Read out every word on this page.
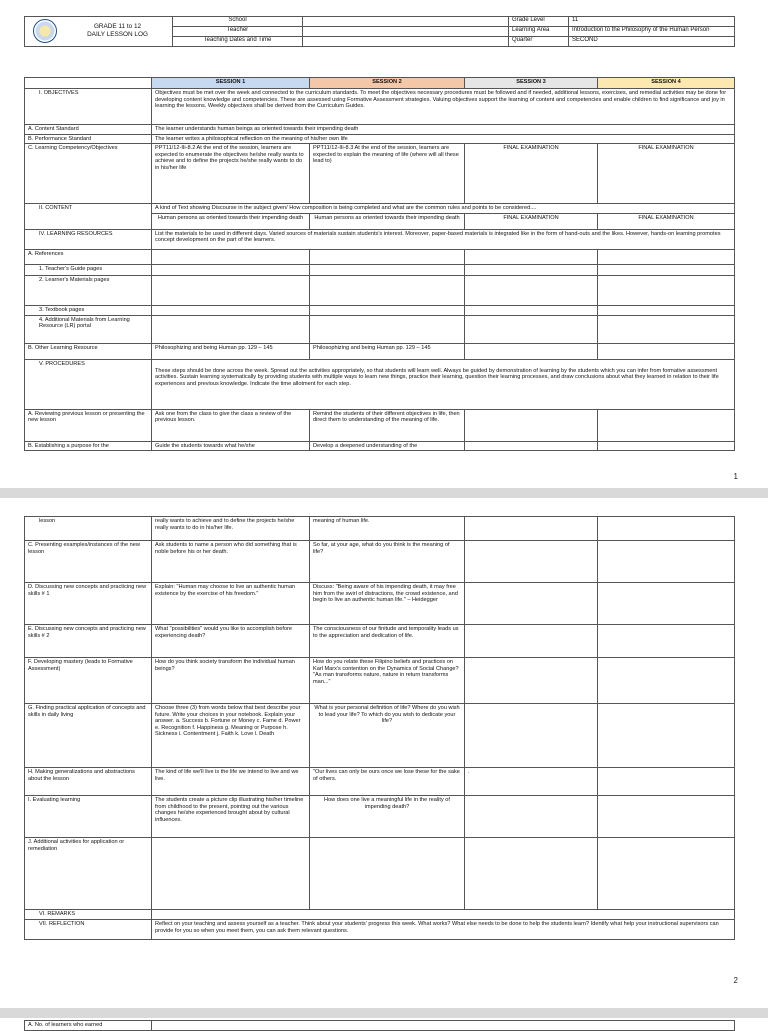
GRADE 11 to 12
DAILY LESSON LOG	School		Grade Level	11
	Teacher		Learning Area	Introduction to the Philosophy of the Human Person
	Teaching Dates and Time		Quarter	SECOND
	SESSION 1	SESSION 2	SESSION 3	SESSION 4
I. OBJECTIVES	Objectives must be met over the week and connected to the curriculum standards. To meet the objectives necessary procedures must be followed and if needed, additional lessons, exercises, and remedial activities may be done for developing content knowledge and competencies. These are assessed using Formative Assessment strategies. Valuing objectives support the learning of content and competencies and enable children to find significance and joy in learning the lessons. Weekly objectives shall be derived from the Curriculum Guides.			
A. Content Standard	The learner understands human beings as oriented towards their impending death			
B. Performance Standard	The learner writes a philosophical reflection on the meaning of his/her own life			
C. Learning Competency/Objectives	PPT11/12-IIi-8.2 At the end of the session, learners are expected to enumerate the objectives he/she really wants to achieve and to define the projects he/she really wants to do in his/her life	PPT11/12-IIi-8.3 At the end of the session, learners are expected to explain the meaning of life (where will all these lead to)	FINAL EXAMINATION	FINAL EXAMINATION
II. CONTENT	A kind of Text showing Discourse in the subject given/ How composition is being completed and what are the common rules and points to be considered....			
	Human persons as oriented towards their impending death	Human persons as oriented towards their impending death	FINAL EXAMINATION	FINAL EXAMINATION
IV. LEARNING RESOURCES	List the materials to be used in different days. Varied sources of materials sustain students's interest. Moreover, paper-based materials is integrated like in the form of hand-outs and the likes. However, hands-on learning promotes concept development on the part of the learners.			
A. References				
1. Teacher's Guide pages				
2. Learner's Materials pages				
3. Textbook pages				
4. Additional Materials from Learning Resource (LR) portal				
B. Other Learning Resource	Philosophizing and being Human pp. 129 – 145	Philosophizing and being Human pp. 129 – 145		
V. PROCEDURES	These steps should be done across the week. Spread out the activities appropriately, so that students will learn well. Always be guided by demonstration of learning by the students which you can infer from formative assessment activities. Sustain learning systematically by providing students with multiple ways to learn new things, practice their learning, question their learning processes, and draw conclusions about what they learned in relation to their life experiences and previous knowledge. Indicate the time allotment for each step.			
A. Reviewing previous lesson or presenting the new lesson	Ask one from the class to give the class a review of the previous lesson.	Remind the students of their different objectives in life, then direct them to understanding of the meaning of life.		
B. Establishing a purpose for the	Guide the students towards what he/she	Develop a deepened understanding of the		
1
lesson	really wants to achieve and to define the projects he/she really wants to do in his/her life.	meaning of human life.		
C. Presenting examples/instances of the new lesson	Ask students to name a person who did something that is noble before his or her death.	So far, at your age, what do you think is the meaning of life?		
D. Discussing new concepts and practicing new skills # 1	Explain: "Human may choose to live an authentic human existence by the exercise of his freedom."	Discuss: "Being aware of his impending death, it may free him from the swirl of distractions, the crowd existence, and begin to live an authentic human life." – Heidegger		
E. Discussing new concepts and practicing new skills # 2	What "possibilities" would you like to accomplish before experiencing death?	The consciousness of our finitude and temporality leads us to the appreciation and dedication of life.		
F. Developing mastery (leads to Formative Assessment)	How do you think society transform the individual human beings?	How do you relate these Filipino beliefs and practices on Karl Marx's contention on the Dynamics of Social Change? "As man transforms nature, nature in return transforms man..."		
G. Finding practical application of concepts and skills in daily living	Choose three (3) from words below that best describe your future. Write your choices in your notebook. Explain your answer. a. Success b. Fortune or Money c. Fame d. Power e. Recognition f. Happiness g. Meaning or Purpose h. Sickness i. Contentment j. Faith k. Love l. Death	What is your personal definition of life? Where do you wish to lead your life? To which do you wish to dedicate your life?		
H. Making generalizations and abstractions about the lesson	The kind of life we'll live is the life we intend to live and we live.	"Our lives can only be ours once we lose these for the sake of others.	.	
I. Evaluating learning	The students create a picture clip illustrating his/her timeline from childhood to the present, pointing out the various changes he/she experienced brought about by cultural influences.	How does one live a meaningful life in the reality of impending death?		
J. Additional activities for application or remediation				
VI. REMARKS				
VII. REFLECTION	Reflect on your teaching and assess yourself as a teacher. Think about your students' progress this week. What works? What else needs to be done to help the students learn? Identify what help your instructional supervisors can provide for you so when you meet them, you can ask them relevant questions.			
2
A. No. of learners who earned	
